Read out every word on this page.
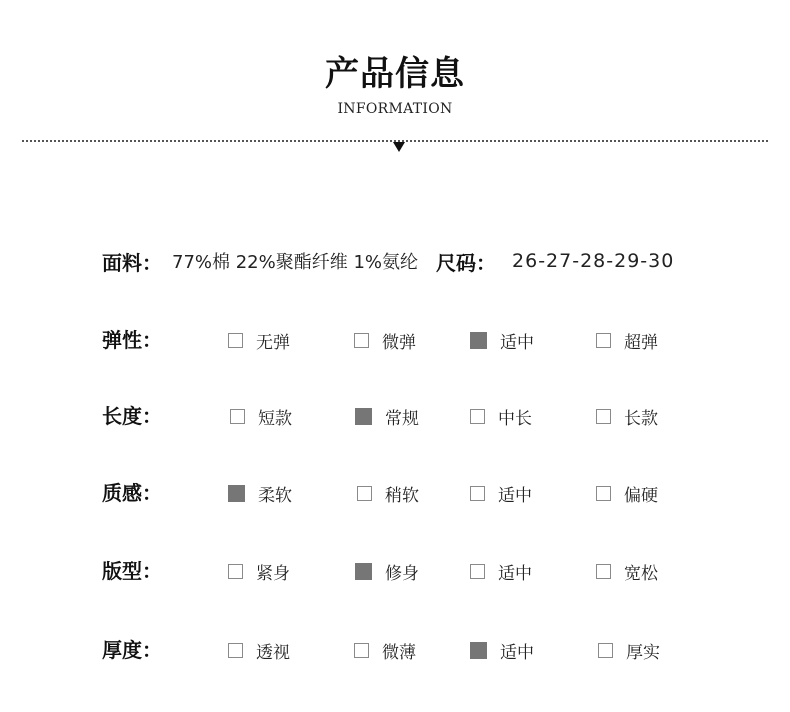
产品信息
INFORMATION
面料： 77%棉 22%聚酯纤维 1%氨纶 尺码： 26-27-28-29-30
弹性：	无弹	微弹	适中	超弹
长度：	短款	常规	中长	长款
质感：	柔软	稍软	适中	偏硬
版型：	紧身	修身	适中	宽松
厚度：	透视	微薄	适中	厚实
